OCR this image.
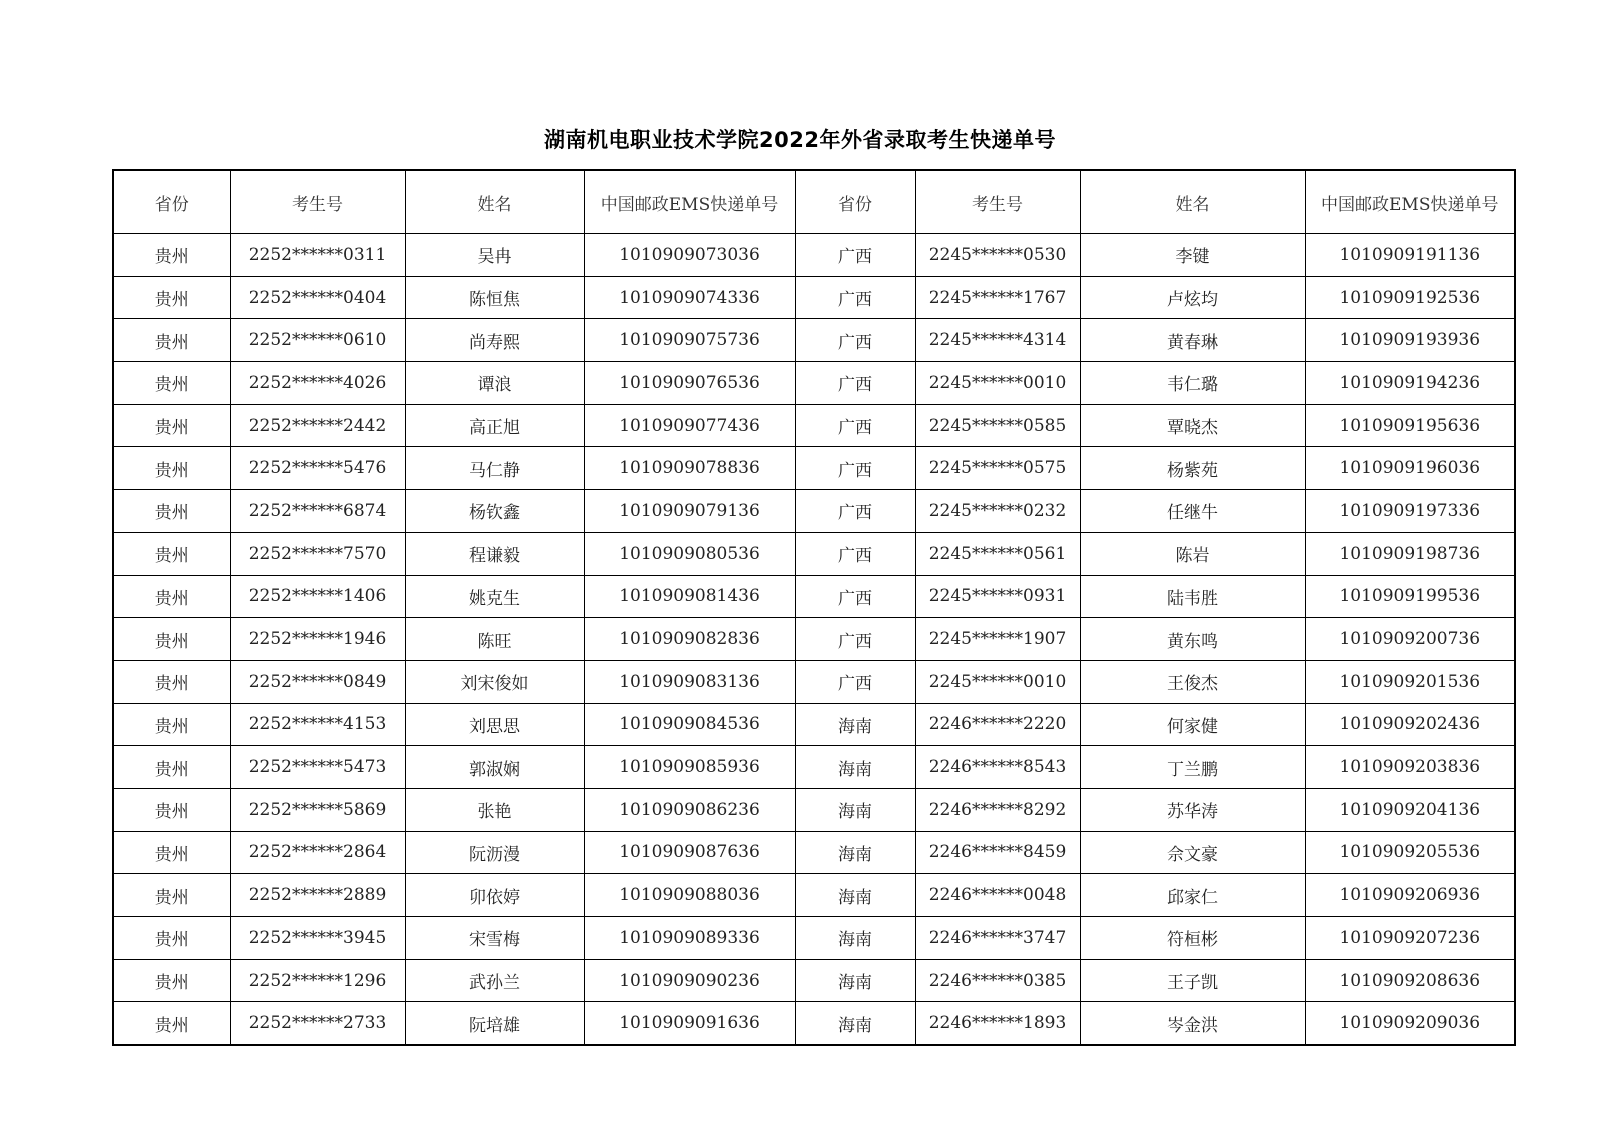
湖南机电职业技术学院2022年外省录取考生快递单号
省份	考生号	姓名	中国邮政EMS快递单号	省份	考生号	姓名	中国邮政EMS快递单号
贵州	2252******0311	吴冉	1010909073036	广西	2245******0530	李键	1010909191136
贵州	2252******0404	陈恒焦	1010909074336	广西	2245******1767	卢炫均	1010909192536
贵州	2252******0610	尚寿熙	1010909075736	广西	2245******4314	黄春琳	1010909193936
贵州	2252******4026	谭浪	1010909076536	广西	2245******0010	韦仁璐	1010909194236
贵州	2252******2442	高正旭	1010909077436	广西	2245******0585	覃晓杰	1010909195636
贵州	2252******5476	马仁静	1010909078836	广西	2245******0575	杨紫苑	1010909196036
贵州	2252******6874	杨钦鑫	1010909079136	广西	2245******0232	任继牛	1010909197336
贵州	2252******7570	程谦毅	1010909080536	广西	2245******0561	陈岩	1010909198736
贵州	2252******1406	姚克生	1010909081436	广西	2245******0931	陆韦胜	1010909199536
贵州	2252******1946	陈旺	1010909082836	广西	2245******1907	黄东鸣	1010909200736
贵州	2252******0849	刘宋俊如	1010909083136	广西	2245******0010	王俊杰	1010909201536
贵州	2252******4153	刘思思	1010909084536	海南	2246******2220	何家健	1010909202436
贵州	2252******5473	郭淑娴	1010909085936	海南	2246******8543	丁兰鹏	1010909203836
贵州	2252******5869	张艳	1010909086236	海南	2246******8292	苏华涛	1010909204136
贵州	2252******2864	阮沥漫	1010909087636	海南	2246******8459	佘文豪	1010909205536
贵州	2252******2889	卯依婷	1010909088036	海南	2246******0048	邱家仁	1010909206936
贵州	2252******3945	宋雪梅	1010909089336	海南	2246******3747	符桓彬	1010909207236
贵州	2252******1296	武孙兰	1010909090236	海南	2246******0385	王子凯	1010909208636
贵州	2252******2733	阮培雄	1010909091636	海南	2246******1893	岑金洪	1010909209036
